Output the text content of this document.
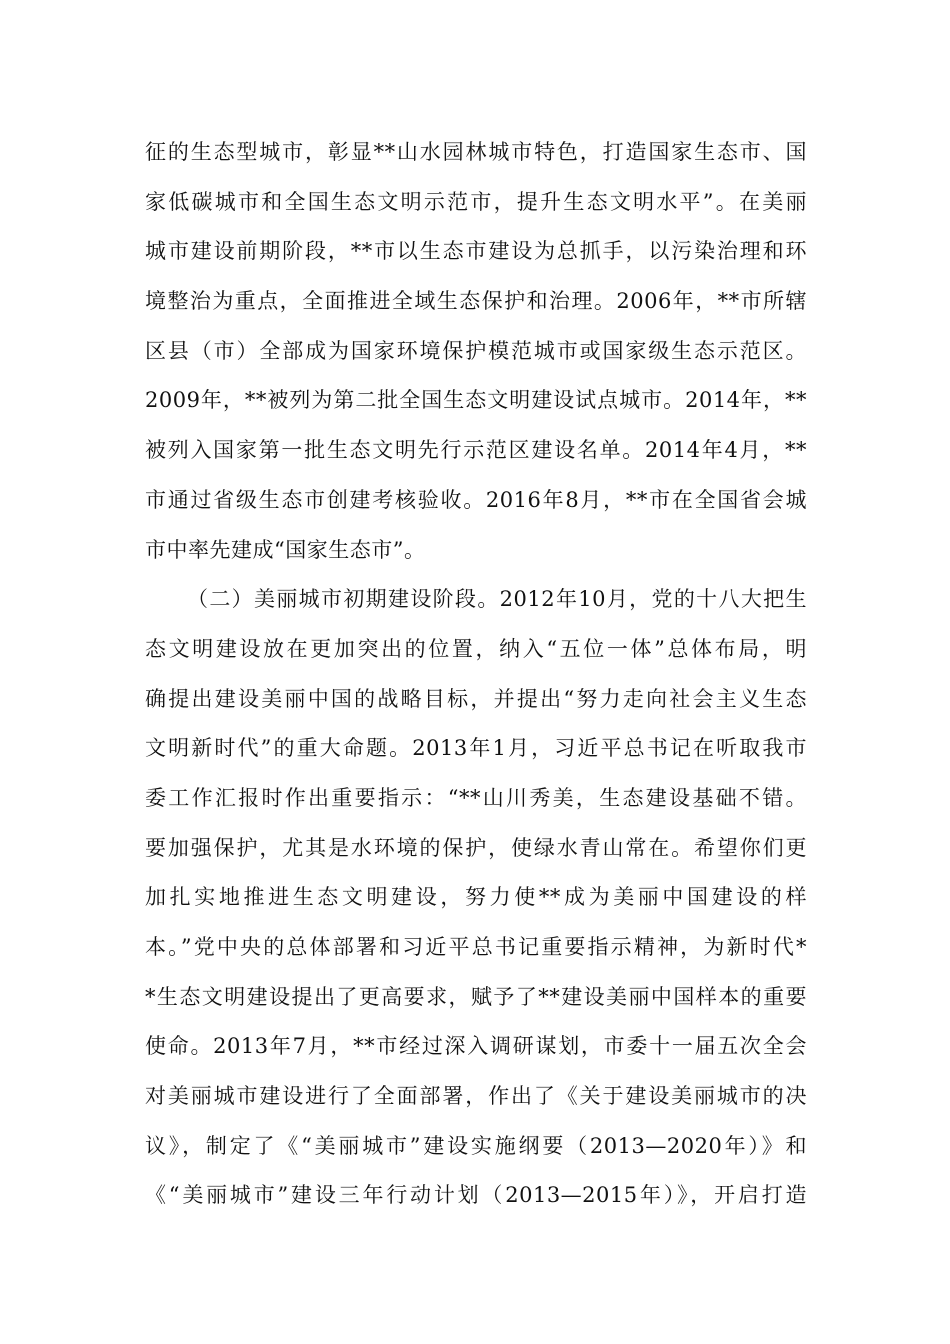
征的生态型城市，彰显**山水园林城市特色，打造国家生态市、国
家低碳城市和全国生态文明示范市，提升生态文明水平”。在美丽
城市建设前期阶段，**市以生态市建设为总抓手，以污染治理和环
境整治为重点，全面推进全域生态保护和治理。2006年，**市所辖
区县（市）全部成为国家环境保护模范城市或国家级生态示范区。
2009年，**被列为第二批全国生态文明建设试点城市。2014年，**
被列入国家第一批生态文明先行示范区建设名单。2014年4月，**
市通过省级生态市创建考核验收。2016年8月，**市在全国省会城
市中率先建成“国家生态市”。
（二）美丽城市初期建设阶段。2012年10月，党的十八大把生
态文明建设放在更加突出的位置，纳入“五位一体”总体布局，明
确提出建设美丽中国的战略目标，并提出“努力走向社会主义生态
文明新时代”的重大命题。2013年1月，习近平总书记在听取我市
委工作汇报时作出重要指示：“**山川秀美，生态建设基础不错。
要加强保护，尤其是水环境的保护，使绿水青山常在。希望你们更
加扎实地推进生态文明建设，努力使**成为美丽中国建设的样
本。”党中央的总体部署和习近平总书记重要指示精神，为新时代*
*生态文明建设提出了更高要求，赋予了**建设美丽中国样本的重要
使命。2013年7月，**市经过深入调研谋划，市委十一届五次全会
对美丽城市建设进行了全面部署，作出了《关于建设美丽城市的决
议》，制定了《“美丽城市”建设实施纲要（2013—2020年）》和
《“美丽城市”建设三年行动计划（2013—2015年）》，开启打造
